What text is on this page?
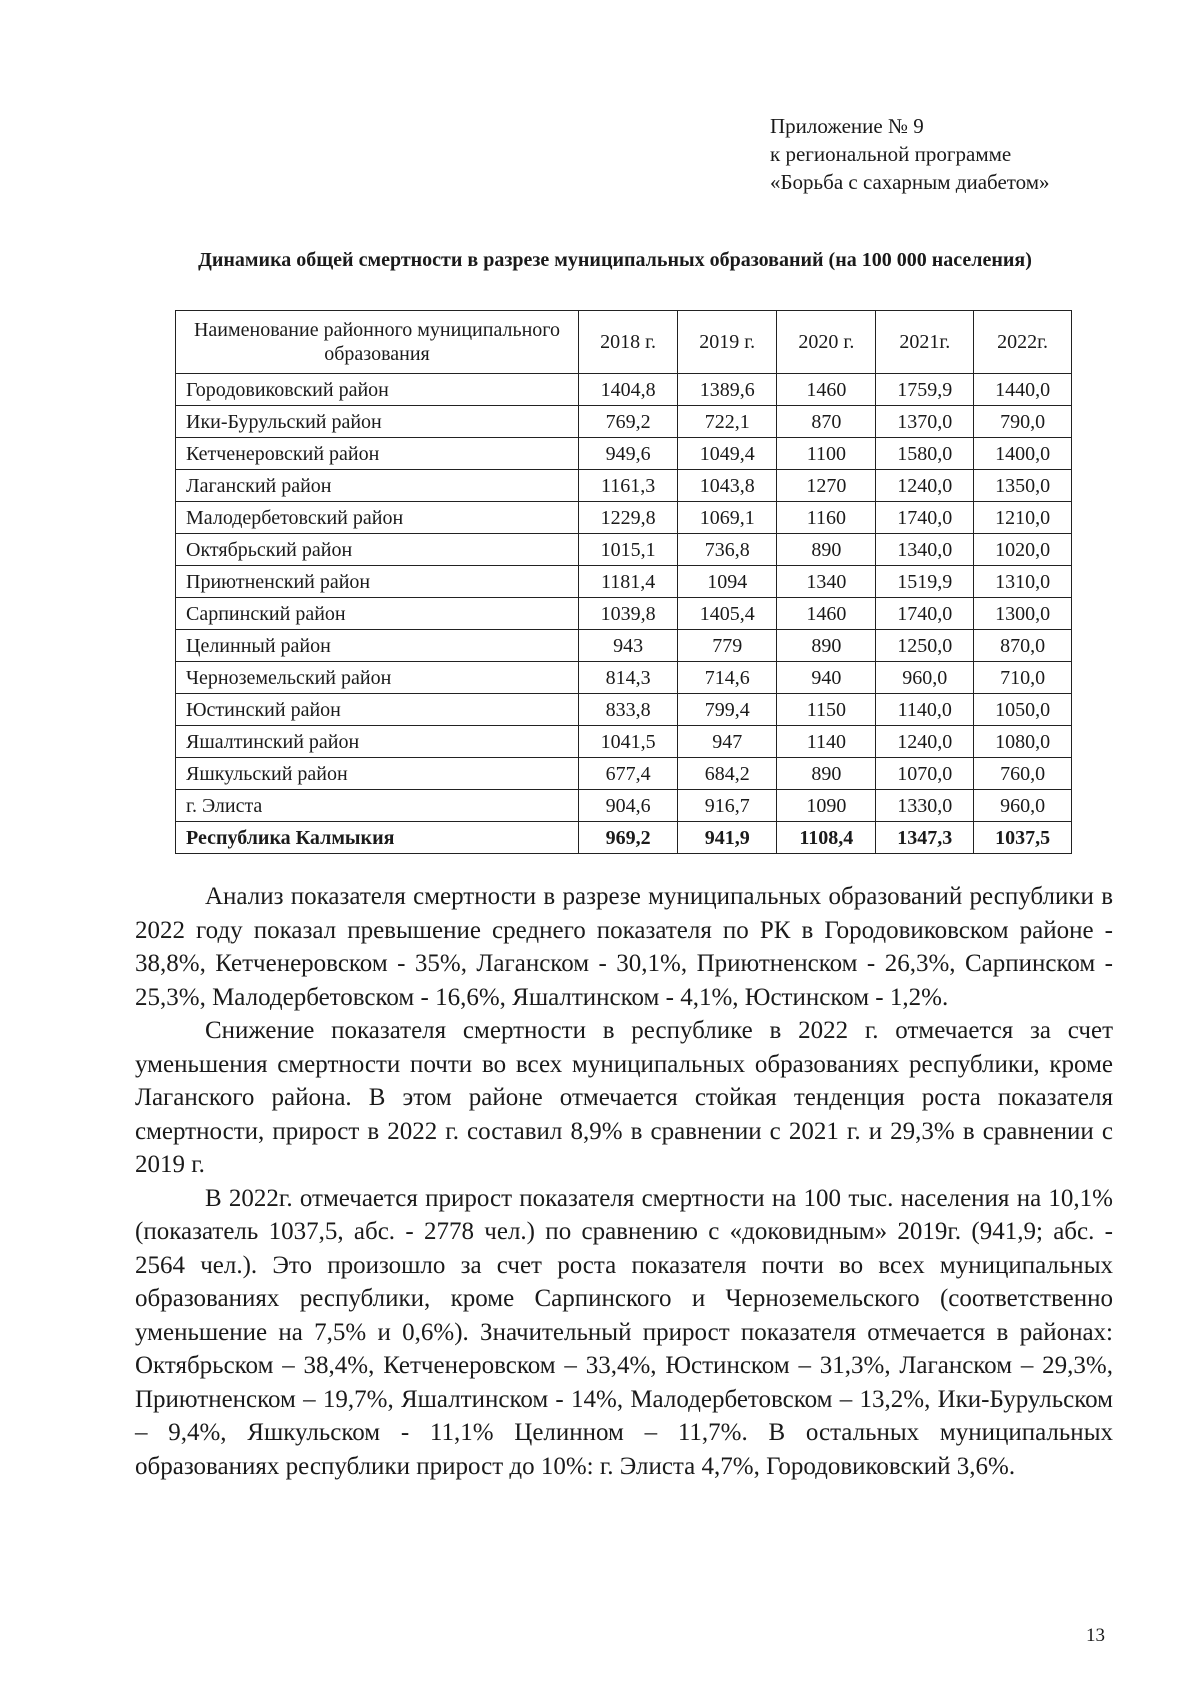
Приложение № 9
к региональной программе
«Борьба с сахарным диабетом»
Динамика общей смертности в разрезе муниципальных образований (на 100 000 населения)
Наименование районного муниципального образования	2018 г.	2019 г.	2020 г.	2021г.	2022г.
Городовиковский район	1404,8	1389,6	1460	1759,9	1440,0
Ики-Бурульский район	769,2	722,1	870	1370,0	790,0
Кетченеровский район	949,6	1049,4	1100	1580,0	1400,0
Лаганский район	1161,3	1043,8	1270	1240,0	1350,0
Малодербетовский район	1229,8	1069,1	1160	1740,0	1210,0
Октябрьский район	1015,1	736,8	890	1340,0	1020,0
Приютненский район	1181,4	1094	1340	1519,9	1310,0
Сарпинский район	1039,8	1405,4	1460	1740,0	1300,0
Целинный район	943	779	890	1250,0	870,0
Черноземельский район	814,3	714,6	940	960,0	710,0
Юстинский район	833,8	799,4	1150	1140,0	1050,0
Яшалтинский район	1041,5	947	1140	1240,0	1080,0
Яшкульский район	677,4	684,2	890	1070,0	760,0
г. Элиста	904,6	916,7	1090	1330,0	960,0
Республика Калмыкия	969,2	941,9	1108,4	1347,3	1037,5

Анализ показателя смертности в разрезе муниципальных образований республики в 2022 году показал превышение среднего показателя по РК в Городовиковском районе - 38,8%, Кетченеровском - 35%, Лаганском - 30,1%, Приютненском - 26,3%, Сарпинском - 25,3%, Малодербетовском - 16,6%, Яшалтинском - 4,1%, Юстинском - 1,2%.

Снижение показателя смертности в республике в 2022 г. отмечается за счет уменьшения смертности почти во всех муниципальных образованиях республики, кроме Лаганского района. В этом районе отмечается стойкая тенденция роста показателя смертности, прирост в 2022 г. составил 8,9% в сравнении с 2021 г. и 29,3% в сравнении с 2019 г.

В 2022г. отмечается прирост показателя смертности на 100 тыс. населения на 10,1% (показатель 1037,5, абс. - 2778 чел.) по сравнению с «доковидным» 2019г. (941,9; абс. - 2564 чел.). Это произошло за счет роста показателя почти во всех муниципальных образованиях республики, кроме Сарпинского и Черноземельского (соответственно уменьшение на 7,5% и 0,6%). Значительный прирост показателя отмечается в районах: Октябрьском – 38,4%, Кетченеровском – 33,4%, Юстинском – 31,3%, Лаганском – 29,3%, Приютненском – 19,7%, Яшалтинском - 14%, Малодербетовском – 13,2%, Ики-Бурульском – 9,4%, Яшкульском - 11,1% Целинном – 11,7%. В остальных муниципальных образованиях республики прирост до 10%: г. Элиста 4,7%, Городовиковский 3,6%.

13
